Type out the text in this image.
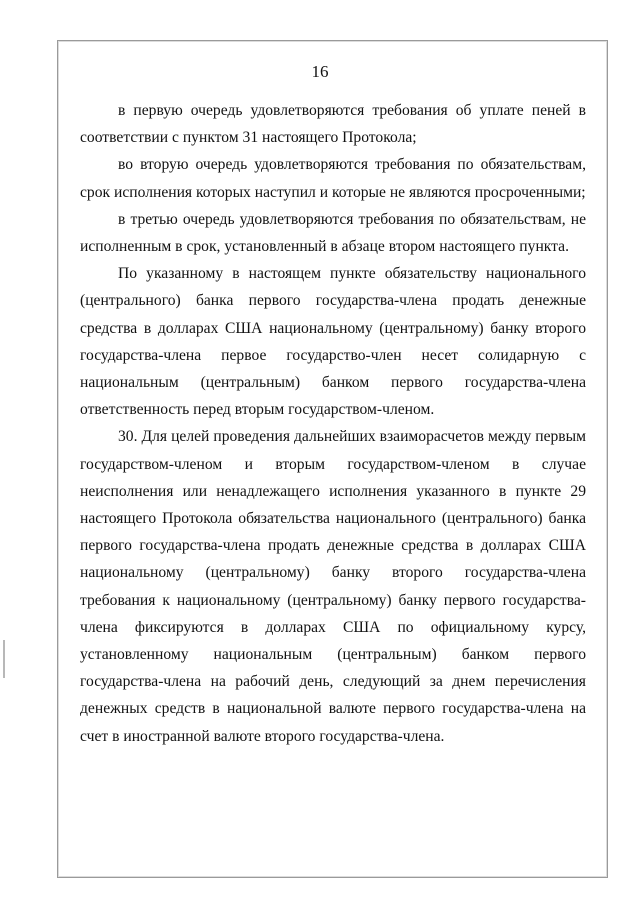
16

в первую очередь удовлетворяются требования об уплате пеней в соответствии с пунктом 31 настоящего Протокола;

во вторую очередь удовлетворяются требования по обязательствам, срок исполнения которых наступил и которые не являются просроченными;

в третью очередь удовлетворяются требования по обязательствам, не исполненным в срок, установленный в абзаце втором настоящего пункта.

По указанному в настоящем пункте обязательству национального (центрального) банка первого государства-члена продать денежные средства в долларах США национальному (центральному) банку второго государства-члена первое государство-член несет солидарную с национальным (центральным) банком первого государства-члена ответственность перед вторым государством-членом.

30. Для целей проведения дальнейших взаиморасчетов между первым государством-членом и вторым государством-членом в случае неисполнения или ненадлежащего исполнения указанного в пункте 29 настоящего Протокола обязательства национального (центрального) банка первого государства-члена продать денежные средства в долларах США национальному (центральному) банку второго государства-члена требования к национальному (центральному) банку первого государства-члена фиксируются в долларах США по официальному курсу, установленному национальным (центральным) банком первого государства-члена на рабочий день, следующий за днем перечисления денежных средств в национальной валюте первого государства-члена на счет в иностранной валюте второго государства-члена.
